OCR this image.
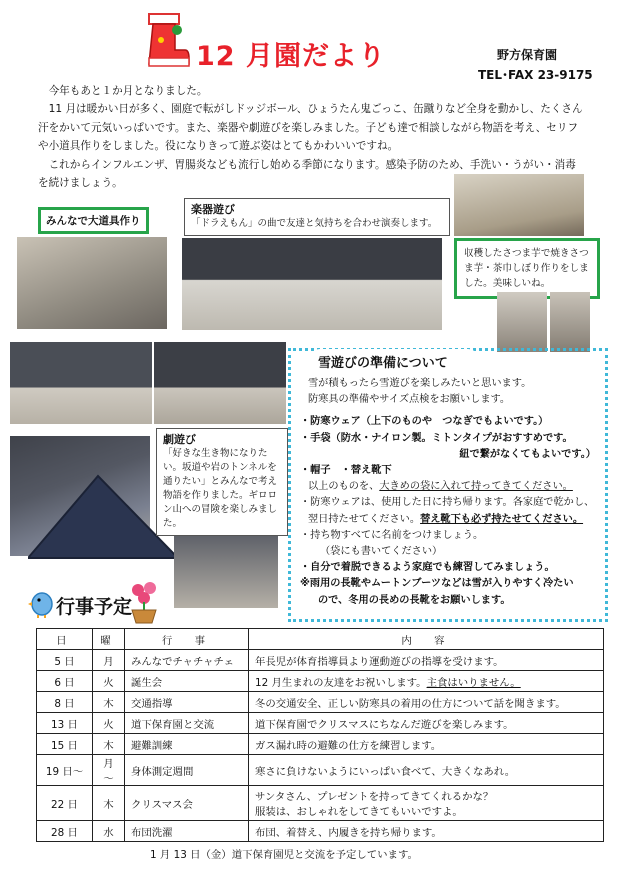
12 月園だより	野方保育園
TEL･FAX 23-9175

今年もあと１か月となりました。

11 月は暖かい日が多く、園庭で転がしドッジボール、ひょうたん鬼ごっこ、缶蹴りなど全身を動かし、たくさん汗をかいて元気いっぱいです。また、楽器や劇遊びを楽しみました。子ども達で相談しながら物語を考え、セリフや小道具作りをしました。役になりきって遊ぶ姿はとてもかわいいですね。

これからインフルエンザ、胃腸炎なども流行し始める季節になります。感染予防のため、手洗い・うがい・消毒を続けましょう。

みんなで大道具作り
楽器遊び
「ドラえもん」の曲で友達と気持ちを合わせ演奏します。
収穫したさつま芋で焼きさつま芋・茶巾しぼり作りをしました。美味しいね。
劇遊び
「好きな生き物になりたい。坂道や岩のトンネルを通りたい」とみんなで考え物語を作りました。ギロロン山への冒険を楽しみました。
雪遊びの準備について
雪が積もったら雪遊びを楽しみたいと思います。
防寒具の準備やサイズ点検をお願いします。
・防寒ウェア（上下のものや　つなぎでもよいです。）
・手袋（防水・ナイロン製。ミトンタイプがおすすめです。
紐で繋がなくてもよいです。）
・帽子　・替え靴下
以上のものを、大きめの袋に入れて持ってきてください。
・防寒ウェアは、使用した日に持ち帰ります。各家庭で乾かし、
翌日持たせてください。替え靴下も必ず持たせてください。
・持ち物すべてに名前をつけましょう。
（袋にも書いてください）
・自分で着脱できるよう家庭でも練習してみましょう。
※雨用の長靴やムートンブーツなどは雪が入りやすく冷たい
ので、冬用の長めの長靴をお願いします。
行事予定
日	曜	行　事	内　容
5 日	月	みんなでチャチャチェ	年長児が体育指導員より運動遊びの指導を受けます。
6 日	火	誕生会	12 月生まれの友達をお祝いします。主食はいりません。
8 日	木	交通指導	冬の交通安全、正しい防寒具の着用の仕方について話を聞きます。
13 日	火	道下保育園と交流	道下保育園でクリスマスにちなんだ遊びを楽しみます。
15 日	木	避難訓練	ガス漏れ時の避難の仕方を練習します。
19 日～	月～	身体測定週間	寒さに負けないようにいっぱい食べて、大きくなあれ。
22 日	木	クリスマス会	サンタさん、プレゼントを持ってきてくれるかな？
服装は、おしゃれをしてきてもいいですよ。

28 日	水	布団洗濯	布団、着替え、内履きを持ち帰ります。
1 月 13 日（金）道下保育園児と交流を予定しています。
